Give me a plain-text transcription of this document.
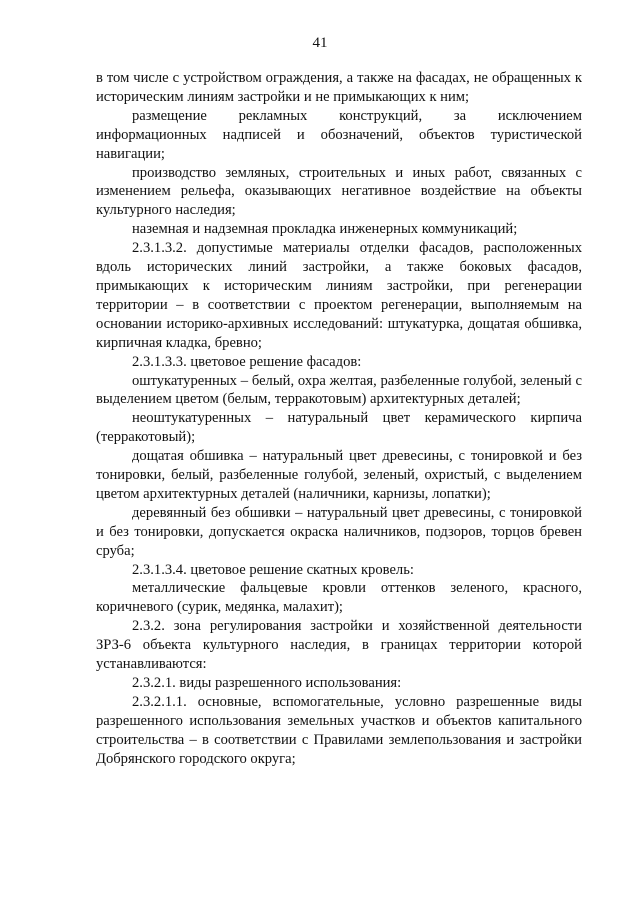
41

в том числе с устройством ограждения, а также на фасадах, не обращенных к историческим линиям застройки и не примыкающих к ним;

размещение рекламных конструкций, за исключением информационных надписей и обозначений, объектов туристической навигации;

производство земляных, строительных и иных работ, связанных с изменением рельефа, оказывающих негативное воздействие на объекты культурного наследия;

наземная и надземная прокладка инженерных коммуникаций;

2.3.1.3.2. допустимые материалы отделки фасадов, расположенных вдоль исторических линий застройки, а также боковых фасадов, примыкающих к историческим линиям застройки, при регенерации территории – в соответствии с проектом регенерации, выполняемым на основании историко-архивных исследований: штукатурка, дощатая обшивка, кирпичная кладка, бревно;

2.3.1.3.3. цветовое решение фасадов:

оштукатуренных – белый, охра желтая, разбеленные голубой, зеленый с выделением цветом (белым, терракотовым) архитектурных деталей;

неоштукатуренных – натуральный цвет керамического кирпича (терракотовый);

дощатая обшивка – натуральный цвет древесины, с тонировкой и без тонировки, белый, разбеленные голубой, зеленый, охристый, с выделением цветом архитектурных деталей (наличники, карнизы, лопатки);

деревянный без обшивки – натуральный цвет древесины, с тонировкой и без тонировки, допускается окраска наличников, подзоров, торцов бревен сруба;

2.3.1.3.4. цветовое решение скатных кровель:

металлические фальцевые кровли оттенков зеленого, красного, коричневого (сурик, медянка, малахит);

2.3.2. зона регулирования застройки и хозяйственной деятельности ЗРЗ-6 объекта культурного наследия, в границах территории которой устанавливаются:

2.3.2.1. виды разрешенного использования:

2.3.2.1.1. основные, вспомогательные, условно разрешенные виды разрешенного использования земельных участков и объектов капитального строительства – в соответствии с Правилами землепользования и застройки Добрянского городского округа;
